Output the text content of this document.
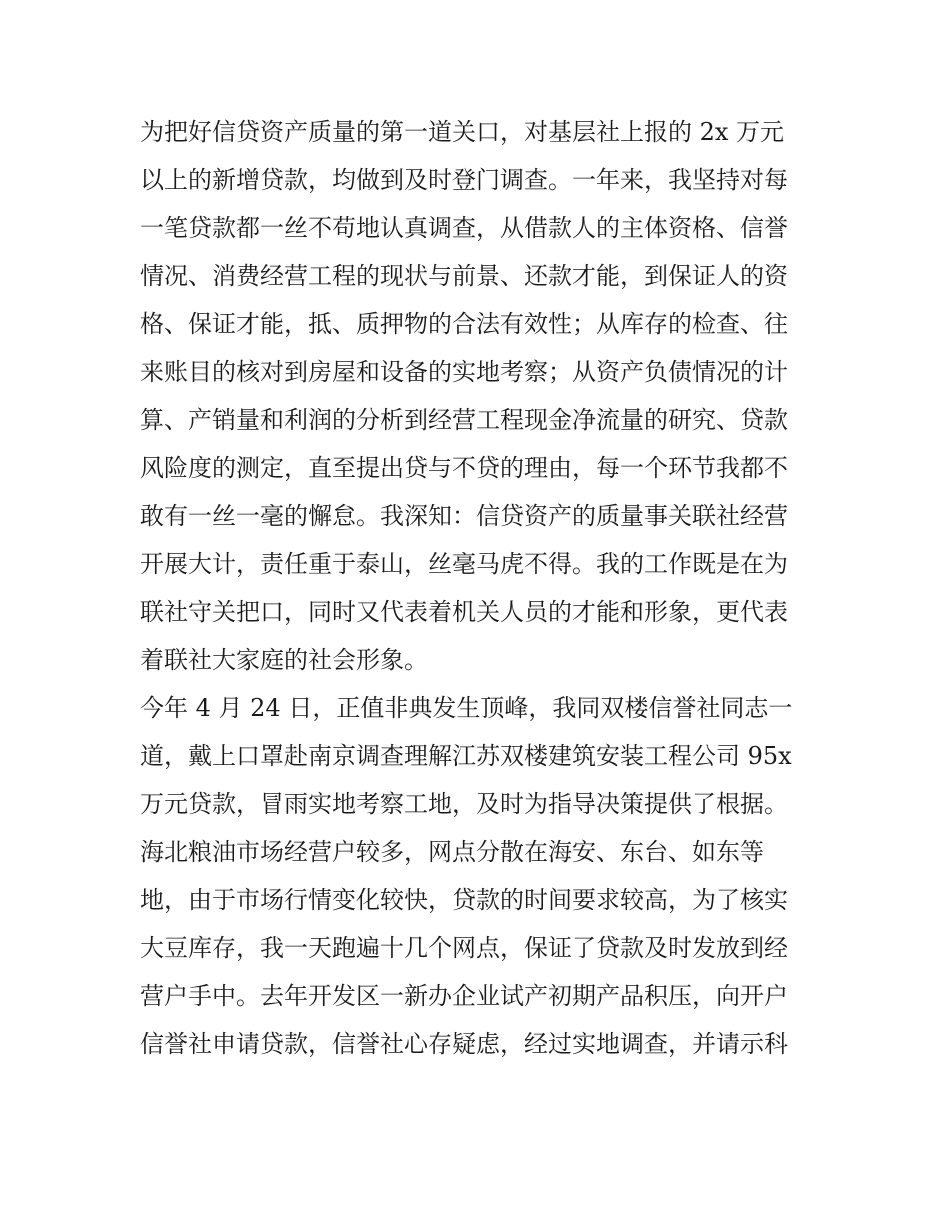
为把好信贷资产质量的第一道关口，对基层社上报的 2x 万元
以上的新增贷款，均做到及时登门调查。一年来，我坚持对每
一笔贷款都一丝不苟地认真调查，从借款人的主体资格、信誉
情况、消费经营工程的现状与前景、还款才能，到保证人的资
格、保证才能，抵、质押物的合法有效性；从库存的检查、往
来账目的核对到房屋和设备的实地考察；从资产负债情况的计
算、产销量和利润的分析到经营工程现金净流量的研究、贷款
风险度的测定，直至提出贷与不贷的理由，每一个环节我都不
敢有一丝一毫的懈怠。我深知：信贷资产的质量事关联社经营
开展大计，责任重于泰山，丝毫马虎不得。我的工作既是在为
联社守关把口，同时又代表着机关人员的才能和形象，更代表
着联社大家庭的社会形象。
今年 4 月 24 日，正值非典发生顶峰，我同双楼信誉社同志一
道，戴上口罩赴南京调查理解江苏双楼建筑安装工程公司 95x
万元贷款，冒雨实地考察工地，及时为指导决策提供了根据。
海北粮油市场经营户较多，网点分散在海安、东台、如东等
地，由于市场行情变化较快，贷款的时间要求较高，为了核实
大豆库存，我一天跑遍十几个网点，保证了贷款及时发放到经
营户手中。去年开发区一新办企业试产初期产品积压，向开户
信誉社申请贷款，信誉社心存疑虑，经过实地调查，并请示科
